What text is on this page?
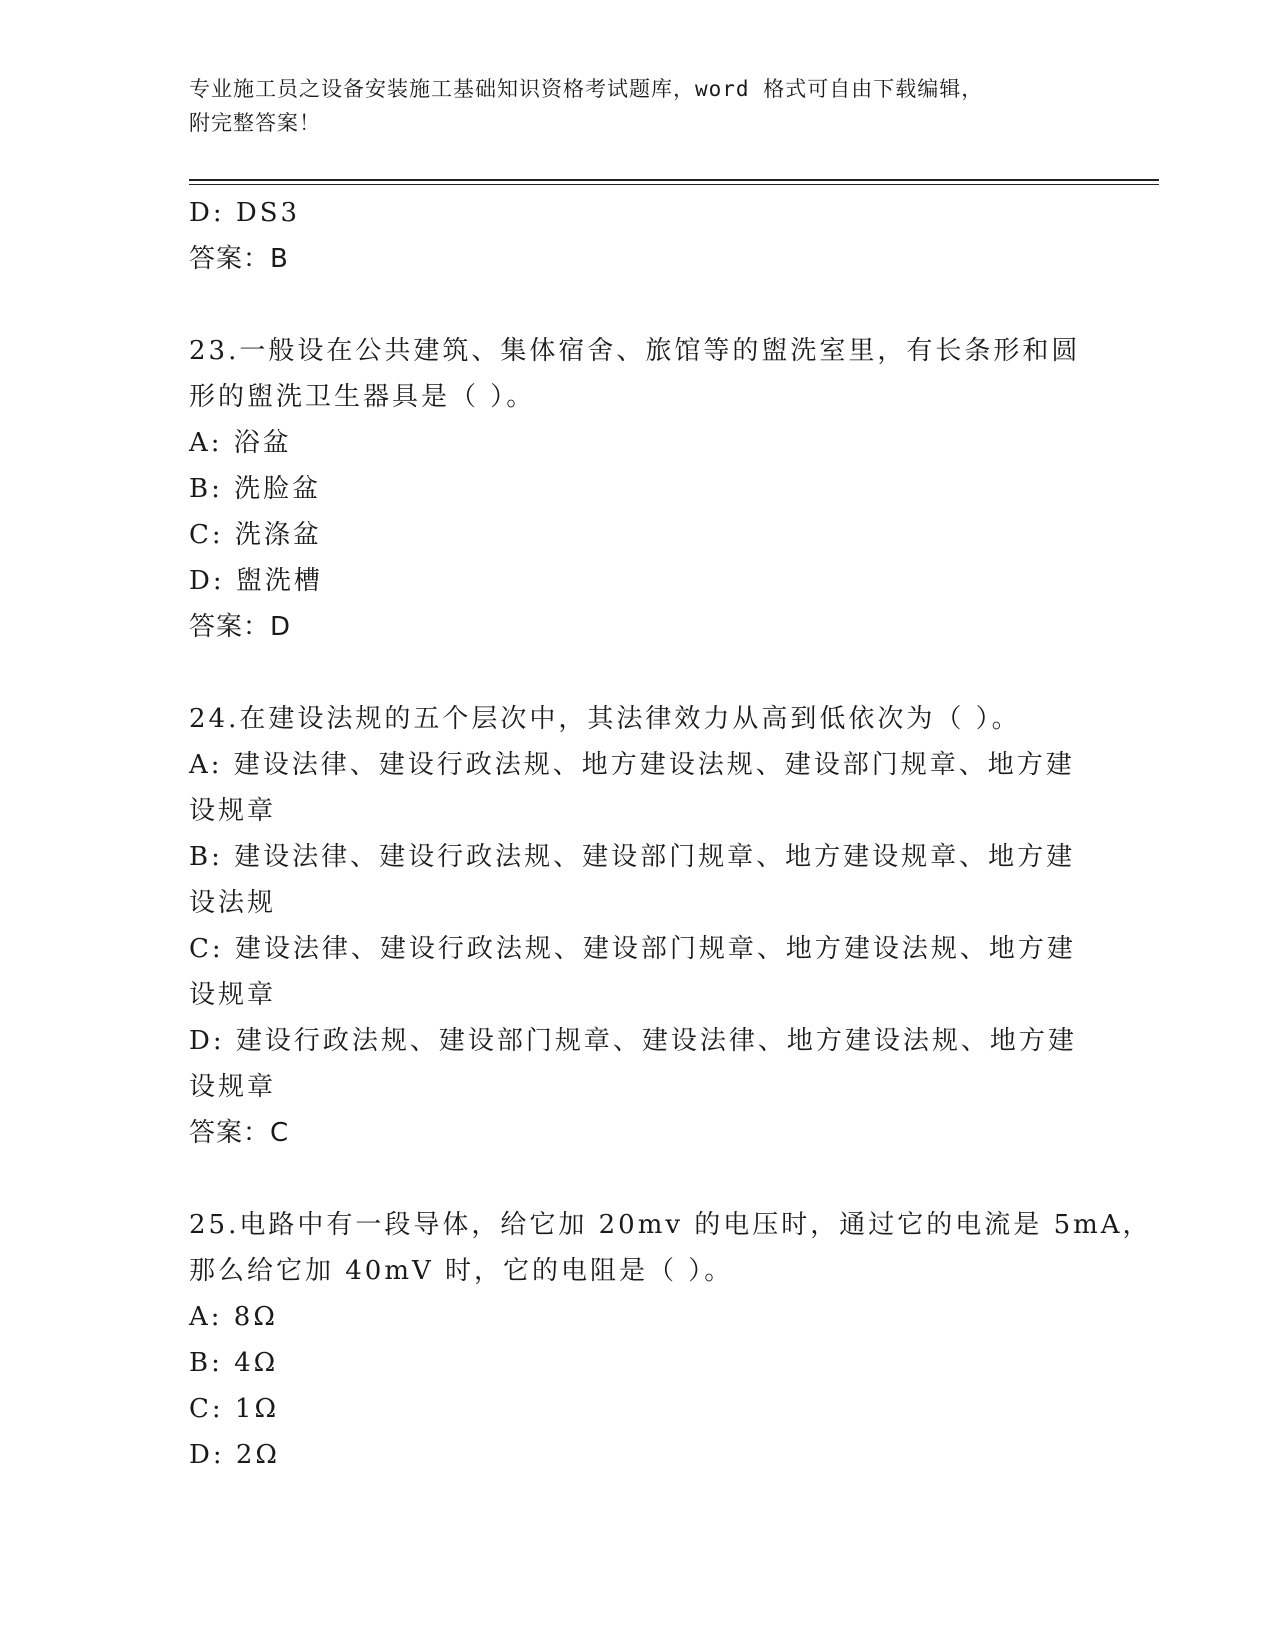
专业施工员之设备安装施工基础知识资格考试题库，word 格式可自由下载编辑，
附完整答案！
D: DS3
答案：B
23.一般设在公共建筑、集体宿舍、旅馆等的盥洗室里，有长条形和圆
形的盥洗卫生器具是（ ）。
A: 浴盆
B: 洗脸盆
C: 洗涤盆
D: 盥洗槽
答案：D
24.在建设法规的五个层次中，其法律效力从高到低依次为（ ）。
A: 建设法律、建设行政法规、地方建设法规、建设部门规章、地方建
设规章
B: 建设法律、建设行政法规、建设部门规章、地方建设规章、地方建
设法规
C: 建设法律、建设行政法规、建设部门规章、地方建设法规、地方建
设规章
D: 建设行政法规、建设部门规章、建设法律、地方建设法规、地方建
设规章
答案：C
25.电路中有一段导体，给它加 20mv 的电压时，通过它的电流是 5mA，
那么给它加 40mV 时，它的电阻是（ ）。
A: 8Ω
B: 4Ω
C: 1Ω
D: 2Ω
